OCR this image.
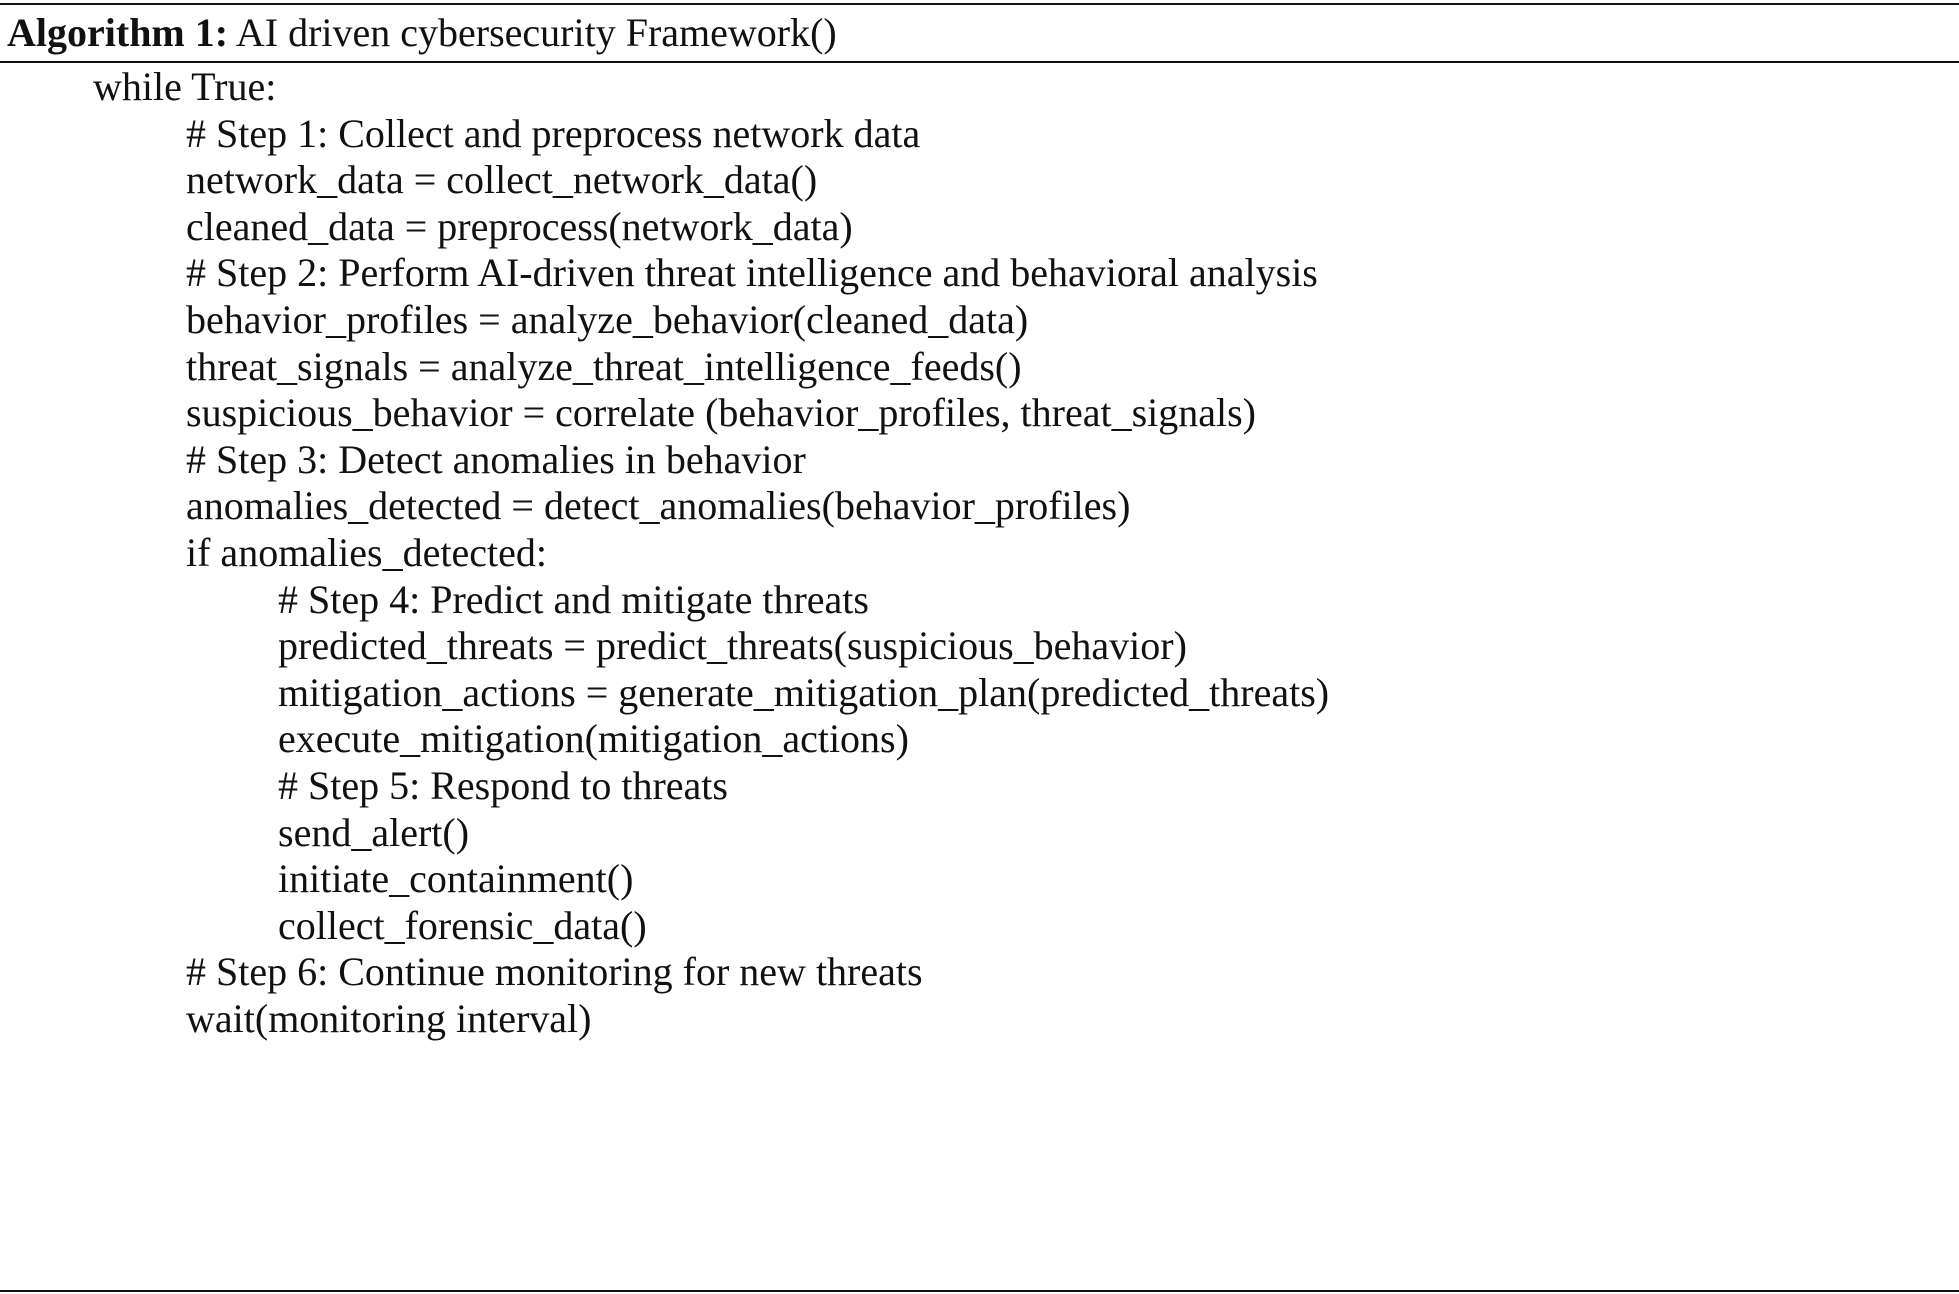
Algorithm 1: AI driven cybersecurity Framework()
while True:
# Step 1: Collect and preprocess network data
network_data = collect_network_data()
cleaned_data = preprocess(network_data)
# Step 2: Perform AI-driven threat intelligence and behavioral analysis
behavior_profiles = analyze_behavior(cleaned_data)
threat_signals = analyze_threat_intelligence_feeds()
suspicious_behavior = correlate (behavior_profiles, threat_signals)
# Step 3: Detect anomalies in behavior
anomalies_detected = detect_anomalies(behavior_profiles)
if anomalies_detected:
# Step 4: Predict and mitigate threats
predicted_threats = predict_threats(suspicious_behavior)
mitigation_actions = generate_mitigation_plan(predicted_threats)
execute_mitigation(mitigation_actions)
# Step 5: Respond to threats
send_alert()
initiate_containment()
collect_forensic_data()
# Step 6: Continue monitoring for new threats
wait(monitoring interval)
